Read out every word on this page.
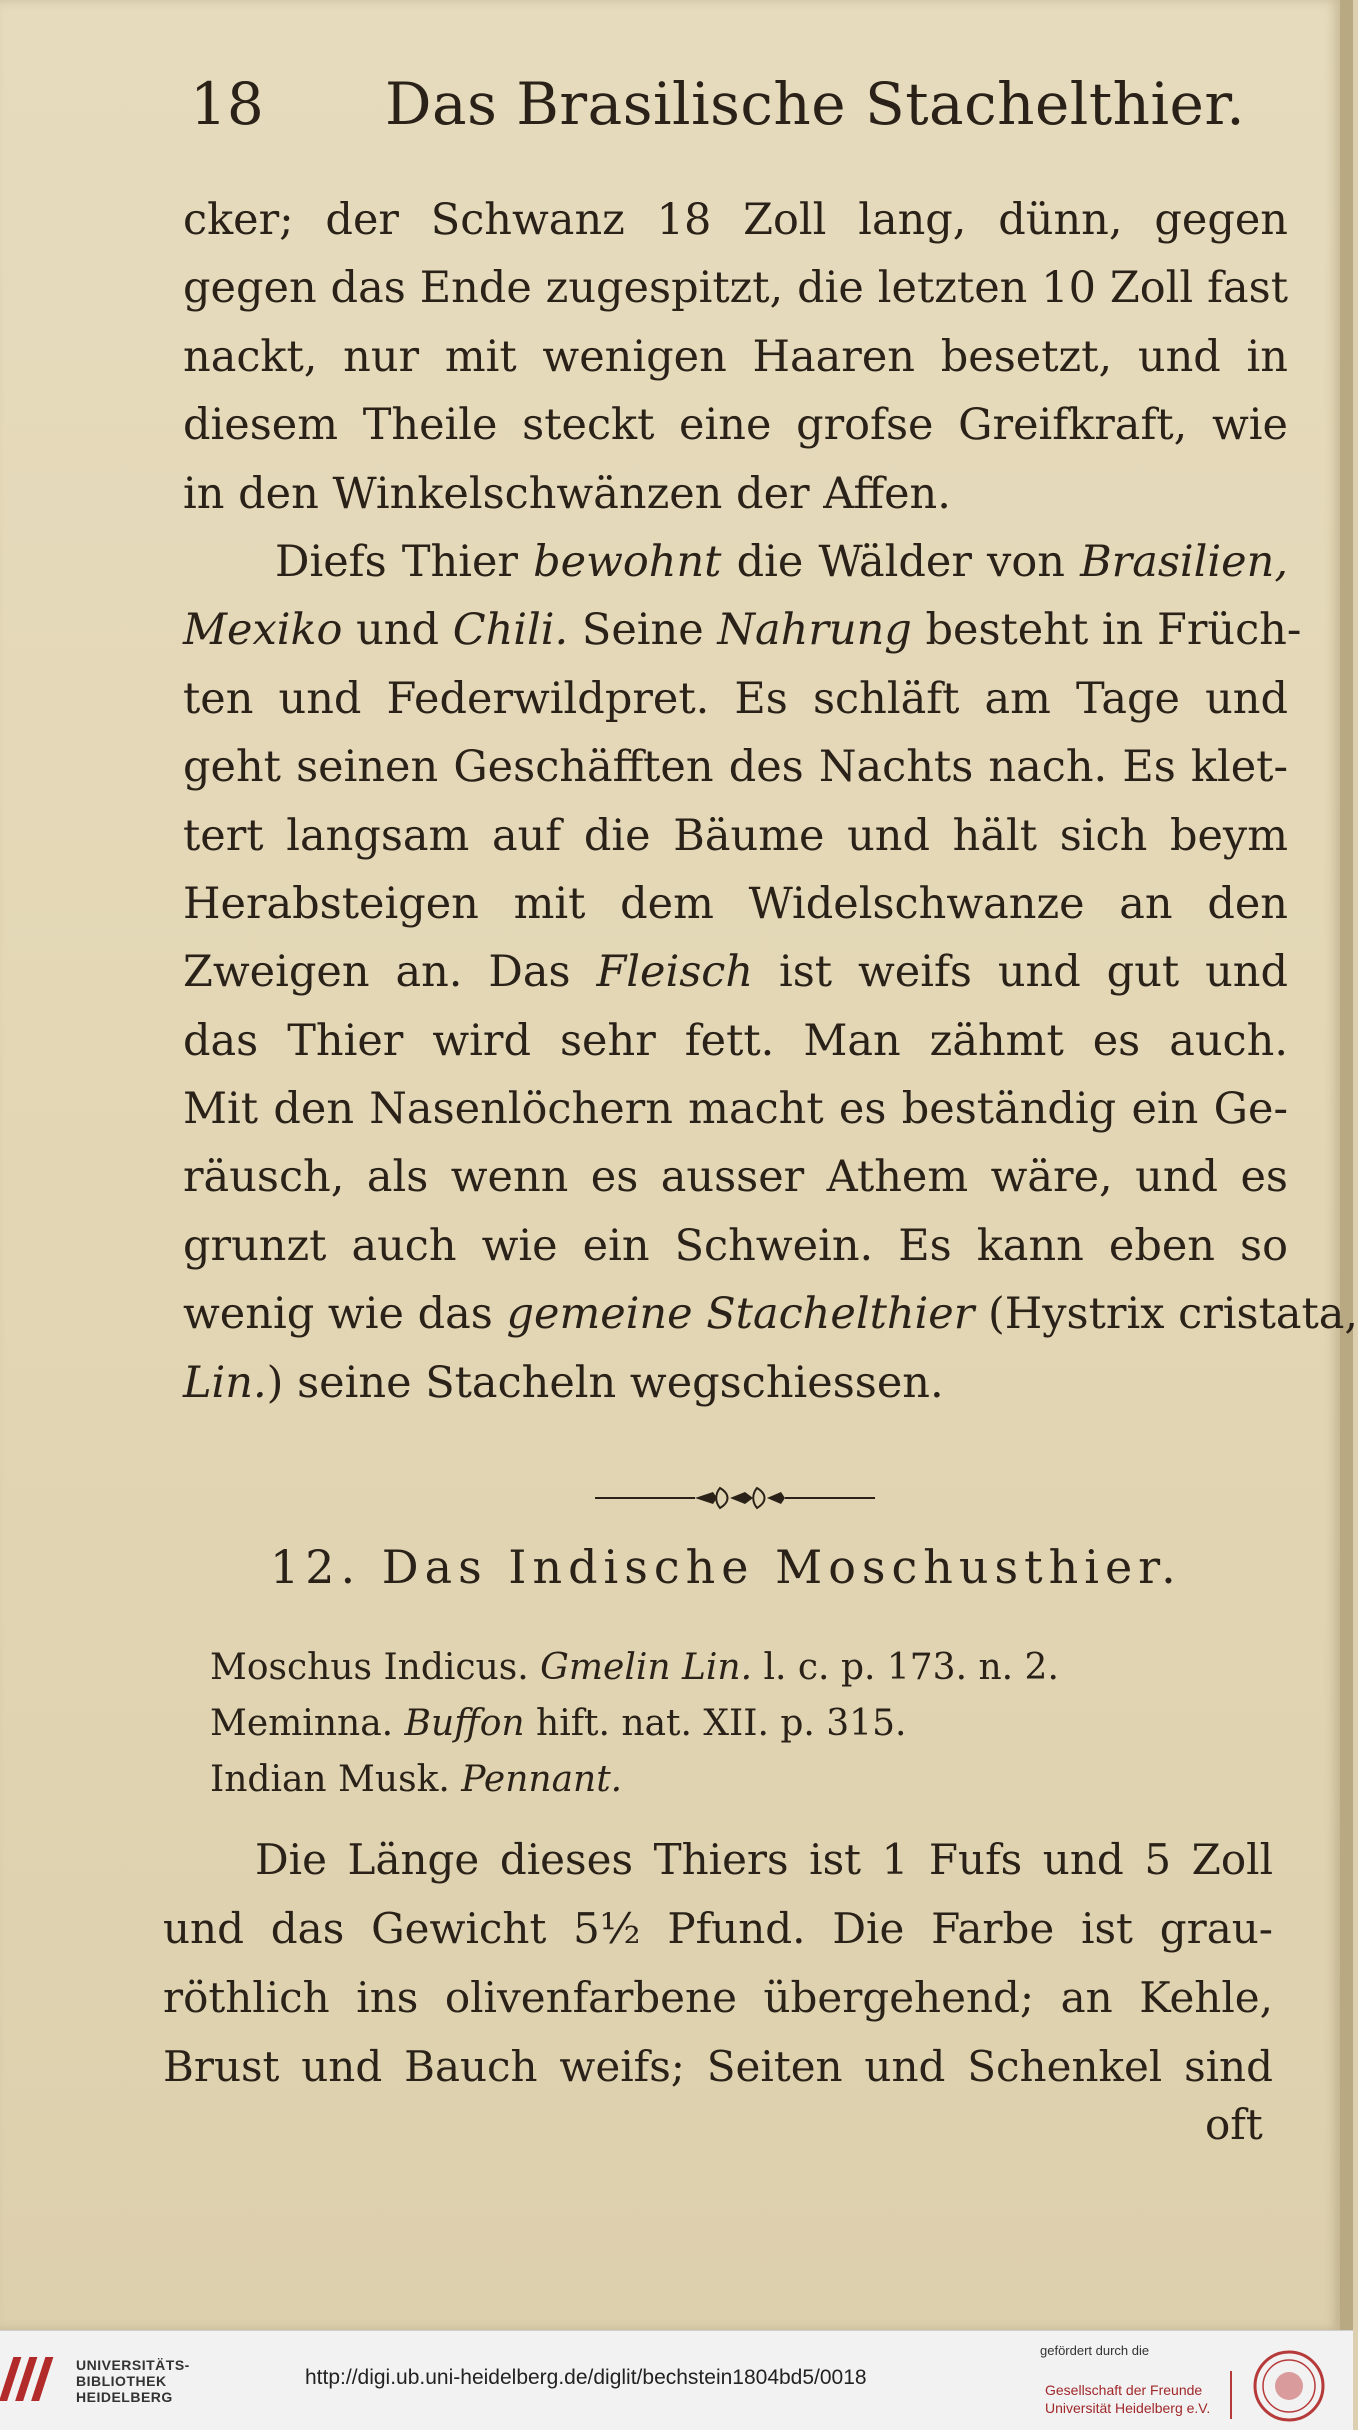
18 Das Brasilische Stachelthier.
cker; der Schwanz 18 Zoll lang, dünn, gegen
gegen das Ende zugespitzt, die letzten 10 Zoll fast
nackt, nur mit wenigen Haaren besetzt, und in
diesem Theile steckt eine grofse Greifkraft, wie
in den Winkelschwänzen der Affen.
Diefs Thier bewohnt die Wälder von Brasilien,
Mexiko und Chili. Seine Nahrung besteht in Früch-
ten und Federwildpret. Es schläft am Tage und
geht seinen Geschäfften des Nachts nach. Es klet-
tert langsam auf die Bäume und hält sich beym
Herabsteigen mit dem Widelschwanze an den
Zweigen an. Das Fleisch ist weifs und gut und
das Thier wird sehr fett. Man zähmt es auch.
Mit den Nasenlöchern macht es beständig ein Ge-
räusch, als wenn es ausser Athem wäre, und es
grunzt auch wie ein Schwein. Es kann eben so
wenig wie das gemeine Stachelthier (Hystrix cristata,
Lin.) seine Stacheln wegschiessen.
12. Das Indische Moschusthier.
Moschus Indicus. Gmelin Lin. l. c. p. 173. n. 2.
Meminna. Buffon hift. nat. XII. p. 315.
Indian Musk. Pennant.
Die Länge dieses Thiers ist 1 Fufs und 5 Zoll
und das Gewicht 5½ Pfund. Die Farbe ist grau-
röthlich ins olivenfarbene übergehend; an Kehle,
Brust und Bauch weifs; Seiten und Schenkel sind
oft
UNIVERSITÄTS-
BIBLIOTHEK
HEIDELBERG
http://digi.ub.uni-heidelberg.de/diglit/bechstein1804bd5/0018
gefördert durch die
Gesellschaft der Freunde
Universität Heidelberg e.V.
